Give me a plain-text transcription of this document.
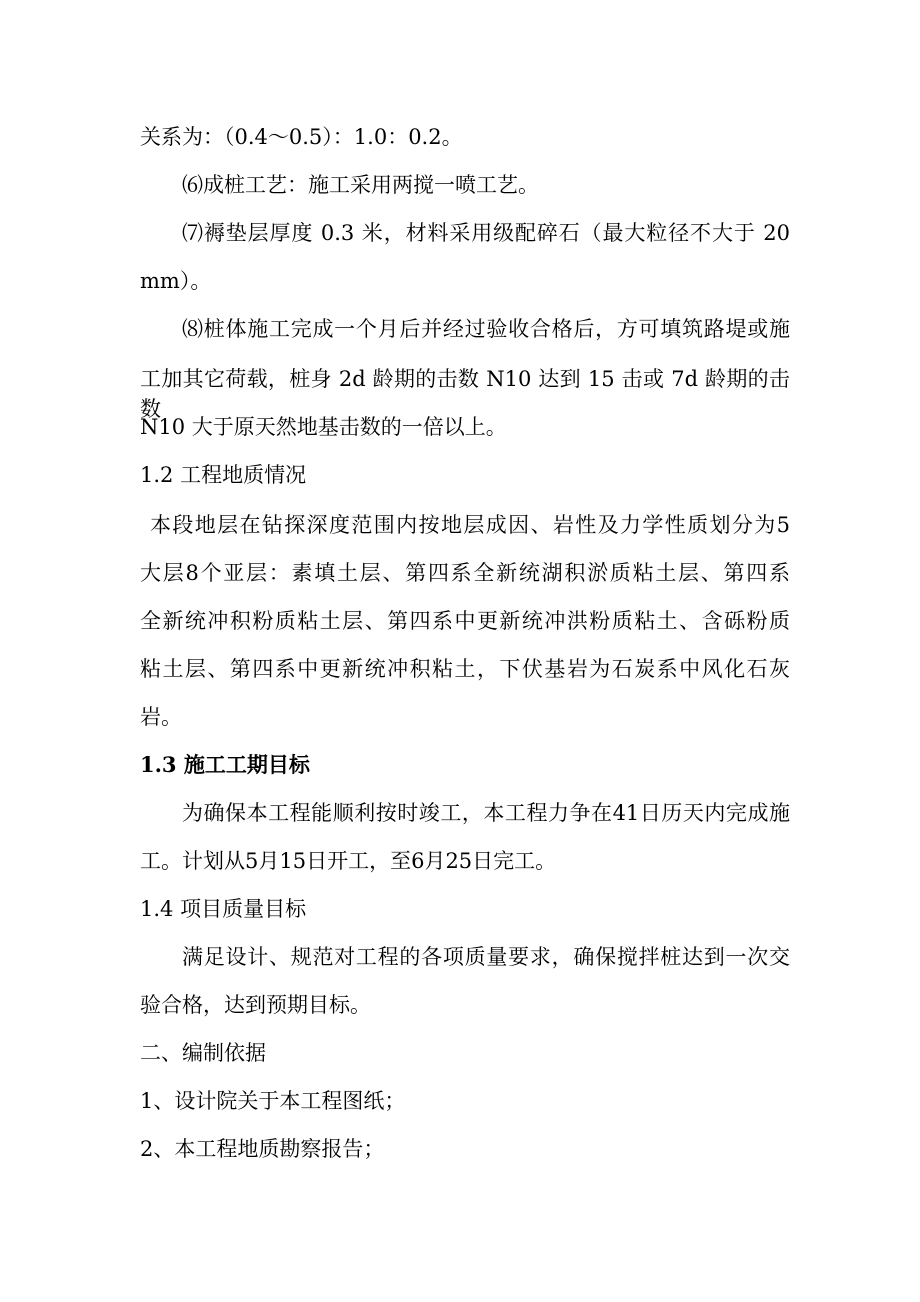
关系为：（0.4～0.5）：1.0：0.2。
⑹成桩工艺：施工采用两搅一喷工艺。
⑺褥垫层厚度 0.3 米，材料采用级配碎石（最大粒径不大于 20
mm）。
⑻桩体施工完成一个月后并经过验收合格后，方可填筑路堤或施
工加其它荷载，桩身 2d 龄期的击数 N10 达到 15 击或 7d 龄期的击数
N10 大于原天然地基击数的一倍以上。
1.2 工程地质情况
本段地层在钻探深度范围内按地层成因、岩性及力学性质划分为5
大层8个亚层：素填土层、第四系全新统湖积淤质粘土层、第四系
全新统冲积粉质粘土层、第四系中更新统冲洪粉质粘土、含砾粉质
粘土层、第四系中更新统冲积粘土，下伏基岩为石炭系中风化石灰
岩。
1.3 施工工期目标
为确保本工程能顺利按时竣工，本工程力争在41日历天内完成施
工。计划从5月15日开工，至6月25日完工。
1.4 项目质量目标
满足设计、规范对工程的各项质量要求，确保搅拌桩达到一次交
验合格，达到预期目标。
二、编制依据
1、设计院关于本工程图纸；
2、本工程地质勘察报告；
